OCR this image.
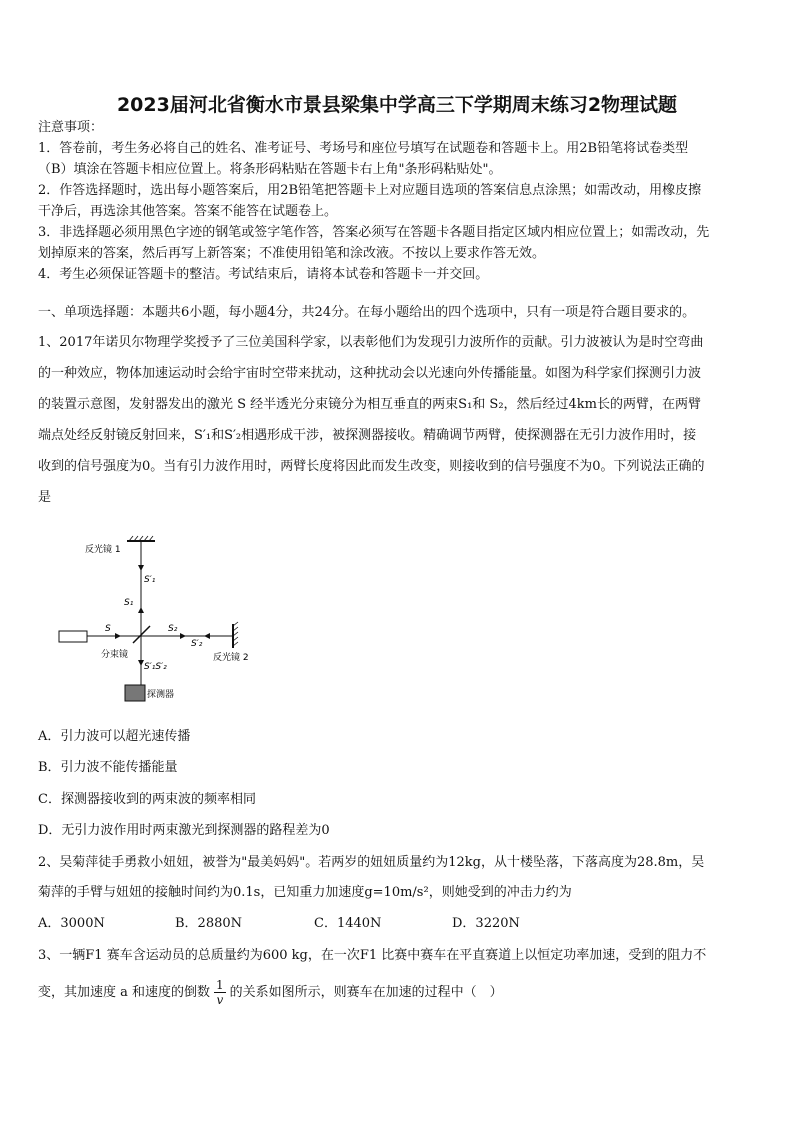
2023届河北省衡水市景县梁集中学高三下学期周末练习2物理试题
注意事项：
1．答卷前，考生务必将自己的姓名、准考证号、考场号和座位号填写在试题卷和答题卡上。用2B铅笔将试卷类型
（B）填涂在答题卡相应位置上。将条形码粘贴在答题卡右上角"条形码粘贴处"。
2．作答选择题时，选出每小题答案后，用2B铅笔把答题卡上对应题目选项的答案信息点涂黑；如需改动，用橡皮擦
干净后，再选涂其他答案。答案不能答在试题卷上。
3．非选择题必须用黑色字迹的钢笔或签字笔作答，答案必须写在答题卡各题目指定区域内相应位置上；如需改动，先
划掉原来的答案，然后再写上新答案；不准使用铅笔和涂改液。不按以上要求作答无效。
4．考生必须保证答题卡的整洁。考试结束后，请将本试卷和答题卡一并交回。
一、单项选择题：本题共6小题，每小题4分，共24分。在每小题给出的四个选项中，只有一项是符合题目要求的。
1、2017年诺贝尔物理学奖授予了三位美国科学家，以表彰他们为发现引力波所作的贡献。引力波被认为是时空弯曲
的一种效应，物体加速运动时会给宇宙时空带来扰动，这种扰动会以光速向外传播能量。如图为科学家们探测引力波
的装置示意图，发射器发出的激光 S 经半透光分束镜分为相互垂直的两束S₁和 S₂，然后经过4km长的两臂，在两臂
端点处经反射镜反射回来，S′₁和S′₂相遇形成干涉，被探测器接收。精确调节两臂，使探测器在无引力波作用时，接
收到的信号强度为0。当有引力波作用时，两臂长度将因此而发生改变，则接收到的信号强度不为0。下列说法正确的
是
反光镜 1
S′₁
S₁
S
分束镜
S₂
S′₂
反光镜 2
S′₁S′₂
探测器
A．引力波可以超光速传播
B．引力波不能传播能量
C．探测器接收到的两束波的频率相同
D．无引力波作用时两束激光到探测器的路程差为0
2、吴菊萍徒手勇救小妞妞，被誉为"最美妈妈"。若两岁的妞妞质量约为12kg，从十楼坠落，下落高度为28.8m，吴
菊萍的手臂与妞妞的接触时间约为0.1s，已知重力加速度g=10m/s²，则她受到的冲击力约为
A．3000N	B．2880N	C．1440N	D．3220N
3、一辆F1 赛车含运动员的总质量约为600 kg，在一次F1 比赛中赛车在平直赛道上以恒定功率加速，受到的阻力不
变，其加速度 a 和速度的倒数 $\frac{1}{v}$ 的关系如图所示，则赛车在加速的过程中（　）
